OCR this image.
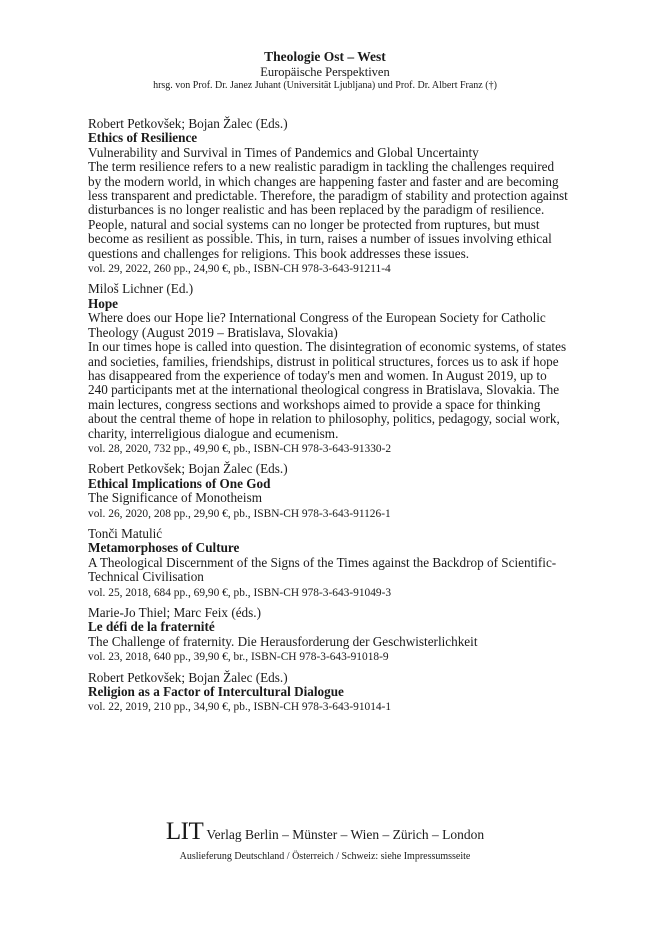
Theologie Ost – West
Europäische Perspektiven
hrsg. von Prof. Dr. Janez Juhant (Universität Ljubljana) und Prof. Dr. Albert Franz (†)
Robert Petkovšek; Bojan Žalec (Eds.)
Ethics of Resilience
Vulnerability and Survival in Times of Pandemics and Global Uncertainty
The term resilience refers to a new realistic paradigm in tackling the challenges required by the modern world, in which changes are happening faster and faster and are becoming less transparent and predictable. Therefore, the paradigm of stability and protection against disturbances is no longer realistic and has been replaced by the paradigm of resilience. People, natural and social systems can no longer be protected from ruptures, but must become as resilient as possible. This, in turn, raises a number of issues involving ethical questions and challenges for religions. This book addresses these issues.
vol. 29, 2022, 260 pp., 24,90 €, pb., ISBN-CH 978-3-643-91211-4
Miloš Lichner (Ed.)
Hope
Where does our Hope lie? International Congress of the European Society for Catholic Theology (August 2019 – Bratislava, Slovakia)
In our times hope is called into question. The disintegration of economic systems, of states and societies, families, friendships, distrust in political structures, forces us to ask if hope has disappeared from the experience of today's men and women. In August 2019, up to 240 participants met at the international theological congress in Bratislava, Slovakia. The main lectures, congress sections and workshops aimed to provide a space for thinking about the central theme of hope in relation to philosophy, politics, pedagogy, social work, charity, interreligious dialogue and ecumenism.
vol. 28, 2020, 732 pp., 49,90 €, pb., ISBN-CH 978-3-643-91330-2
Robert Petkovšek; Bojan Žalec (Eds.)
Ethical Implications of One God
The Significance of Monotheism
vol. 26, 2020, 208 pp., 29,90 €, pb., ISBN-CH 978-3-643-91126-1
Tonči Matulić
Metamorphoses of Culture
A Theological Discernment of the Signs of the Times against the Backdrop of Scientific-Technical Civilisation
vol. 25, 2018, 684 pp., 69,90 €, pb., ISBN-CH 978-3-643-91049-3
Marie-Jo Thiel; Marc Feix (éds.)
Le défi de la fraternité
The Challenge of fraternity. Die Herausforderung der Geschwisterlichkeit
vol. 23, 2018, 640 pp., 39,90 €, br., ISBN-CH 978-3-643-91018-9
Robert Petkovšek; Bojan Žalec (Eds.)
Religion as a Factor of Intercultural Dialogue
vol. 22, 2019, 210 pp., 34,90 €, pb., ISBN-CH 978-3-643-91014-1
LIT Verlag Berlin – Münster – Wien – Zürich – London
Auslieferung Deutschland / Österreich / Schweiz: siehe Impressumsseite
